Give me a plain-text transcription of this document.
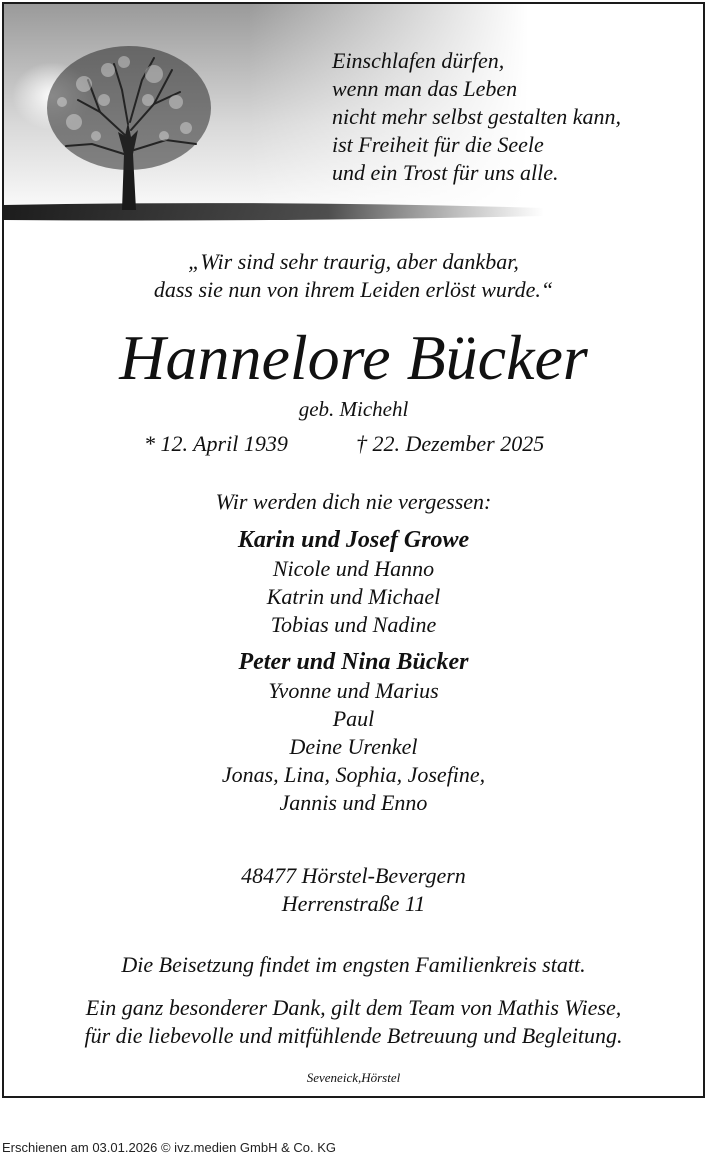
Einschlafen dürfen,
wenn man das Leben
nicht mehr selbst gestalten kann,
ist Freiheit für die Seele
und ein Trost für uns alle.
„Wir sind sehr traurig, aber dankbar,
dass sie nun von ihrem Leiden erlöst wurde.“
Hannelore Bücker
geb. Michehl
* 12. April 1939	† 22. Dezember 2025
Wir werden dich nie vergessen:
Karin und Josef Growe
Nicole und Hanno
Katrin und Michael
Tobias und Nadine
Peter und Nina Bücker
Yvonne und Marius
Paul
Deine Urenkel
Jonas, Lina, Sophia, Josefine,
Jannis und Enno
48477 Hörstel-Bevergern
Herrenstraße 11
Die Beisetzung findet im engsten Familienkreis statt.
Ein ganz besonderer Dank, gilt dem Team von Mathis Wiese,
für die liebevolle und mitfühlende Betreuung und Begleitung.
Seveneick,Hörstel
Erschienen am 03.01.2026 © ivz.medien GmbH & Co. KG
